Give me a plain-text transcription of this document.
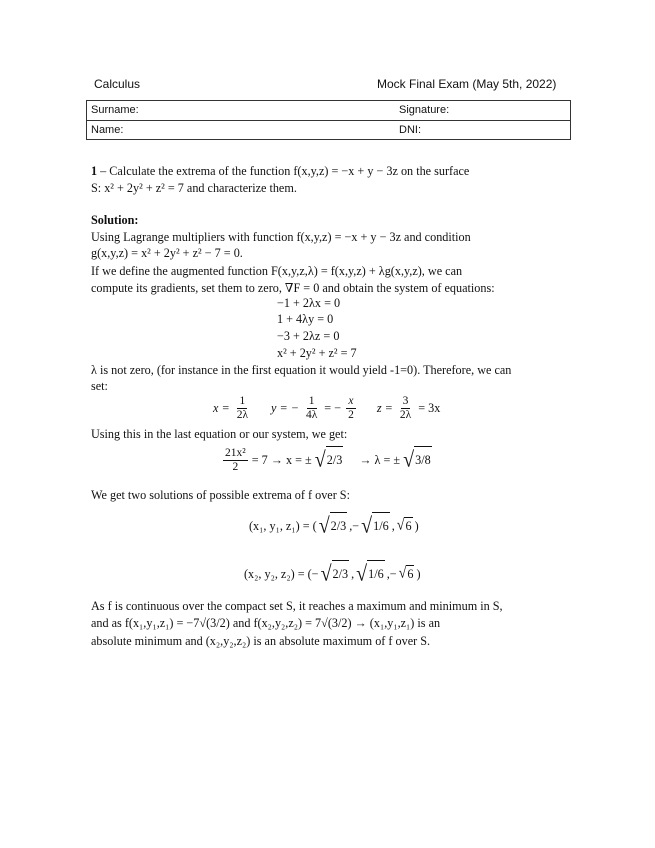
Calculus	Mock Final Exam (May 5th, 2022)
Surname:	Signature:
Name:	DNI:
1 – Calculate the extrema of the function f(x,y,z) = −x + y − 3z on the surface
S: x² + 2y² + z² = 7 and characterize them.
Solution:
Using Lagrange multipliers with function f(x,y,z) = −x + y − 3z and condition
g(x,y,z) = x² + 2y² + z² − 7 = 0.
If we define the augmented function F(x,y,z,λ) = f(x,y,z) + λg(x,y,z), we can
compute its gradients, set them to zero, ∇F = 0 and obtain the system of equations:
−1 + 2λx = 0
1 + 4λy = 0
−3 + 2λz = 0
x² + 2y² + z² = 7
λ is not zero, (for instance in the first equation it would yield -1=0). Therefore, we can
set:
$x = \frac{1}{2\lambda}$ y = − $\frac{1}{4\lambda}$ = − $\frac{x}{2}$ $z = \frac{3}{2\lambda} = 3x$
Using this in the last equation or our system, we get:
$\frac{\text{21x²}}{2} = 7 \to x$ = ± √ 2/3 → λ = ± √ 3/8
We get two solutions of possible extrema of f over S:
(x₁, y₁, z₁) = ( √ 2/3 ,− √ 1/6 , √ 6 )
(x₂, y₂, z₂) = (− √ 2/3 , √ 1/6 ,− √ 6 )
As f is continuous over the compact set S, it reaches a maximum and minimum in S,
and as f(x₁,y₁,z₁) = −7√(3/2) and f(x₂,y₂,z₂) = 7√(3/2) → (x₁,y₁,z₁) is an
absolute minimum and (x₂,y₂,z₂) is an absolute maximum of f over S.
